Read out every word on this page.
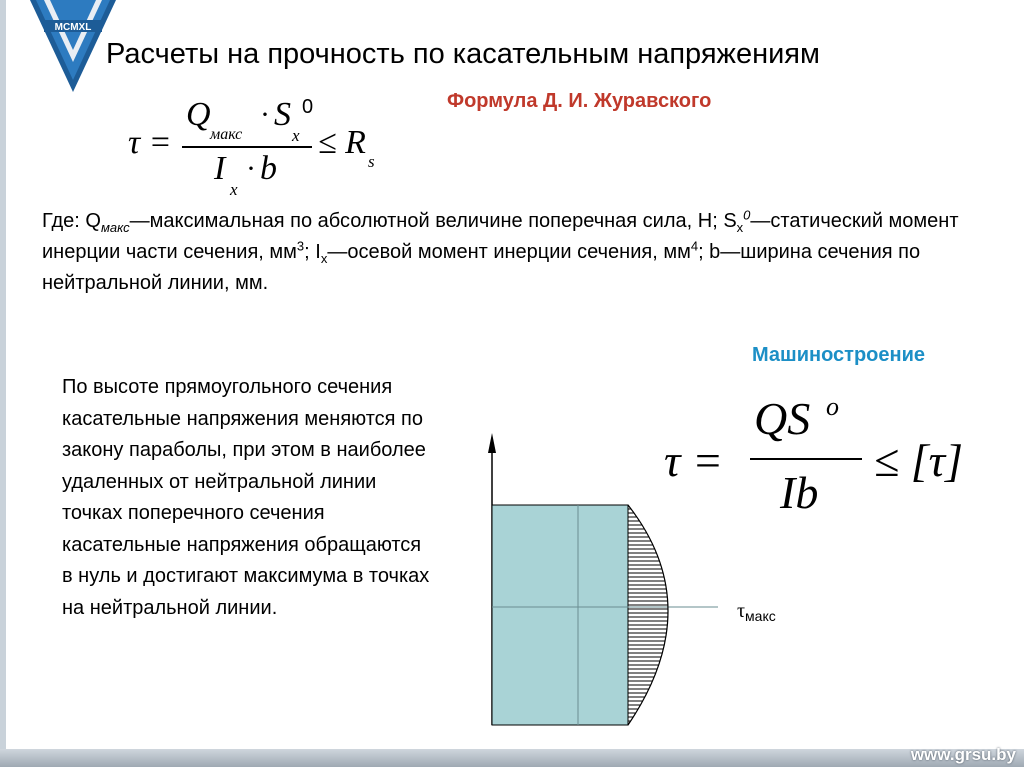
MCMXL
Расчеты на прочность по касательным напряжениям
Формула Д. И. Журавского
τ =
Q
макс
· S
x
0
I
x
· b
≤ R
s
Где: $Q_{макс}—максимальная$ по абсолютной величине поперечная сила, Н; $S_x^0—статический$ момент инерции части сечения, $мм^3$; $I_x—осевой$ момент инерции сечения, $мм^4$; b—ширина сечения по нейтральной линии, мм.
Машиностроение
τ =
QS o
Ib
≤ [τ]
По высоте прямоугольного сечения касательные напряжения меняются по закону параболы, при этом в наиболее удаленных от нейтральной линии точках поперечного сечения касательные напряжения обращаются в нуль и достигают максимума в точках на нейтральной линии.	$\tau_{макс}$
www.grsu.by
